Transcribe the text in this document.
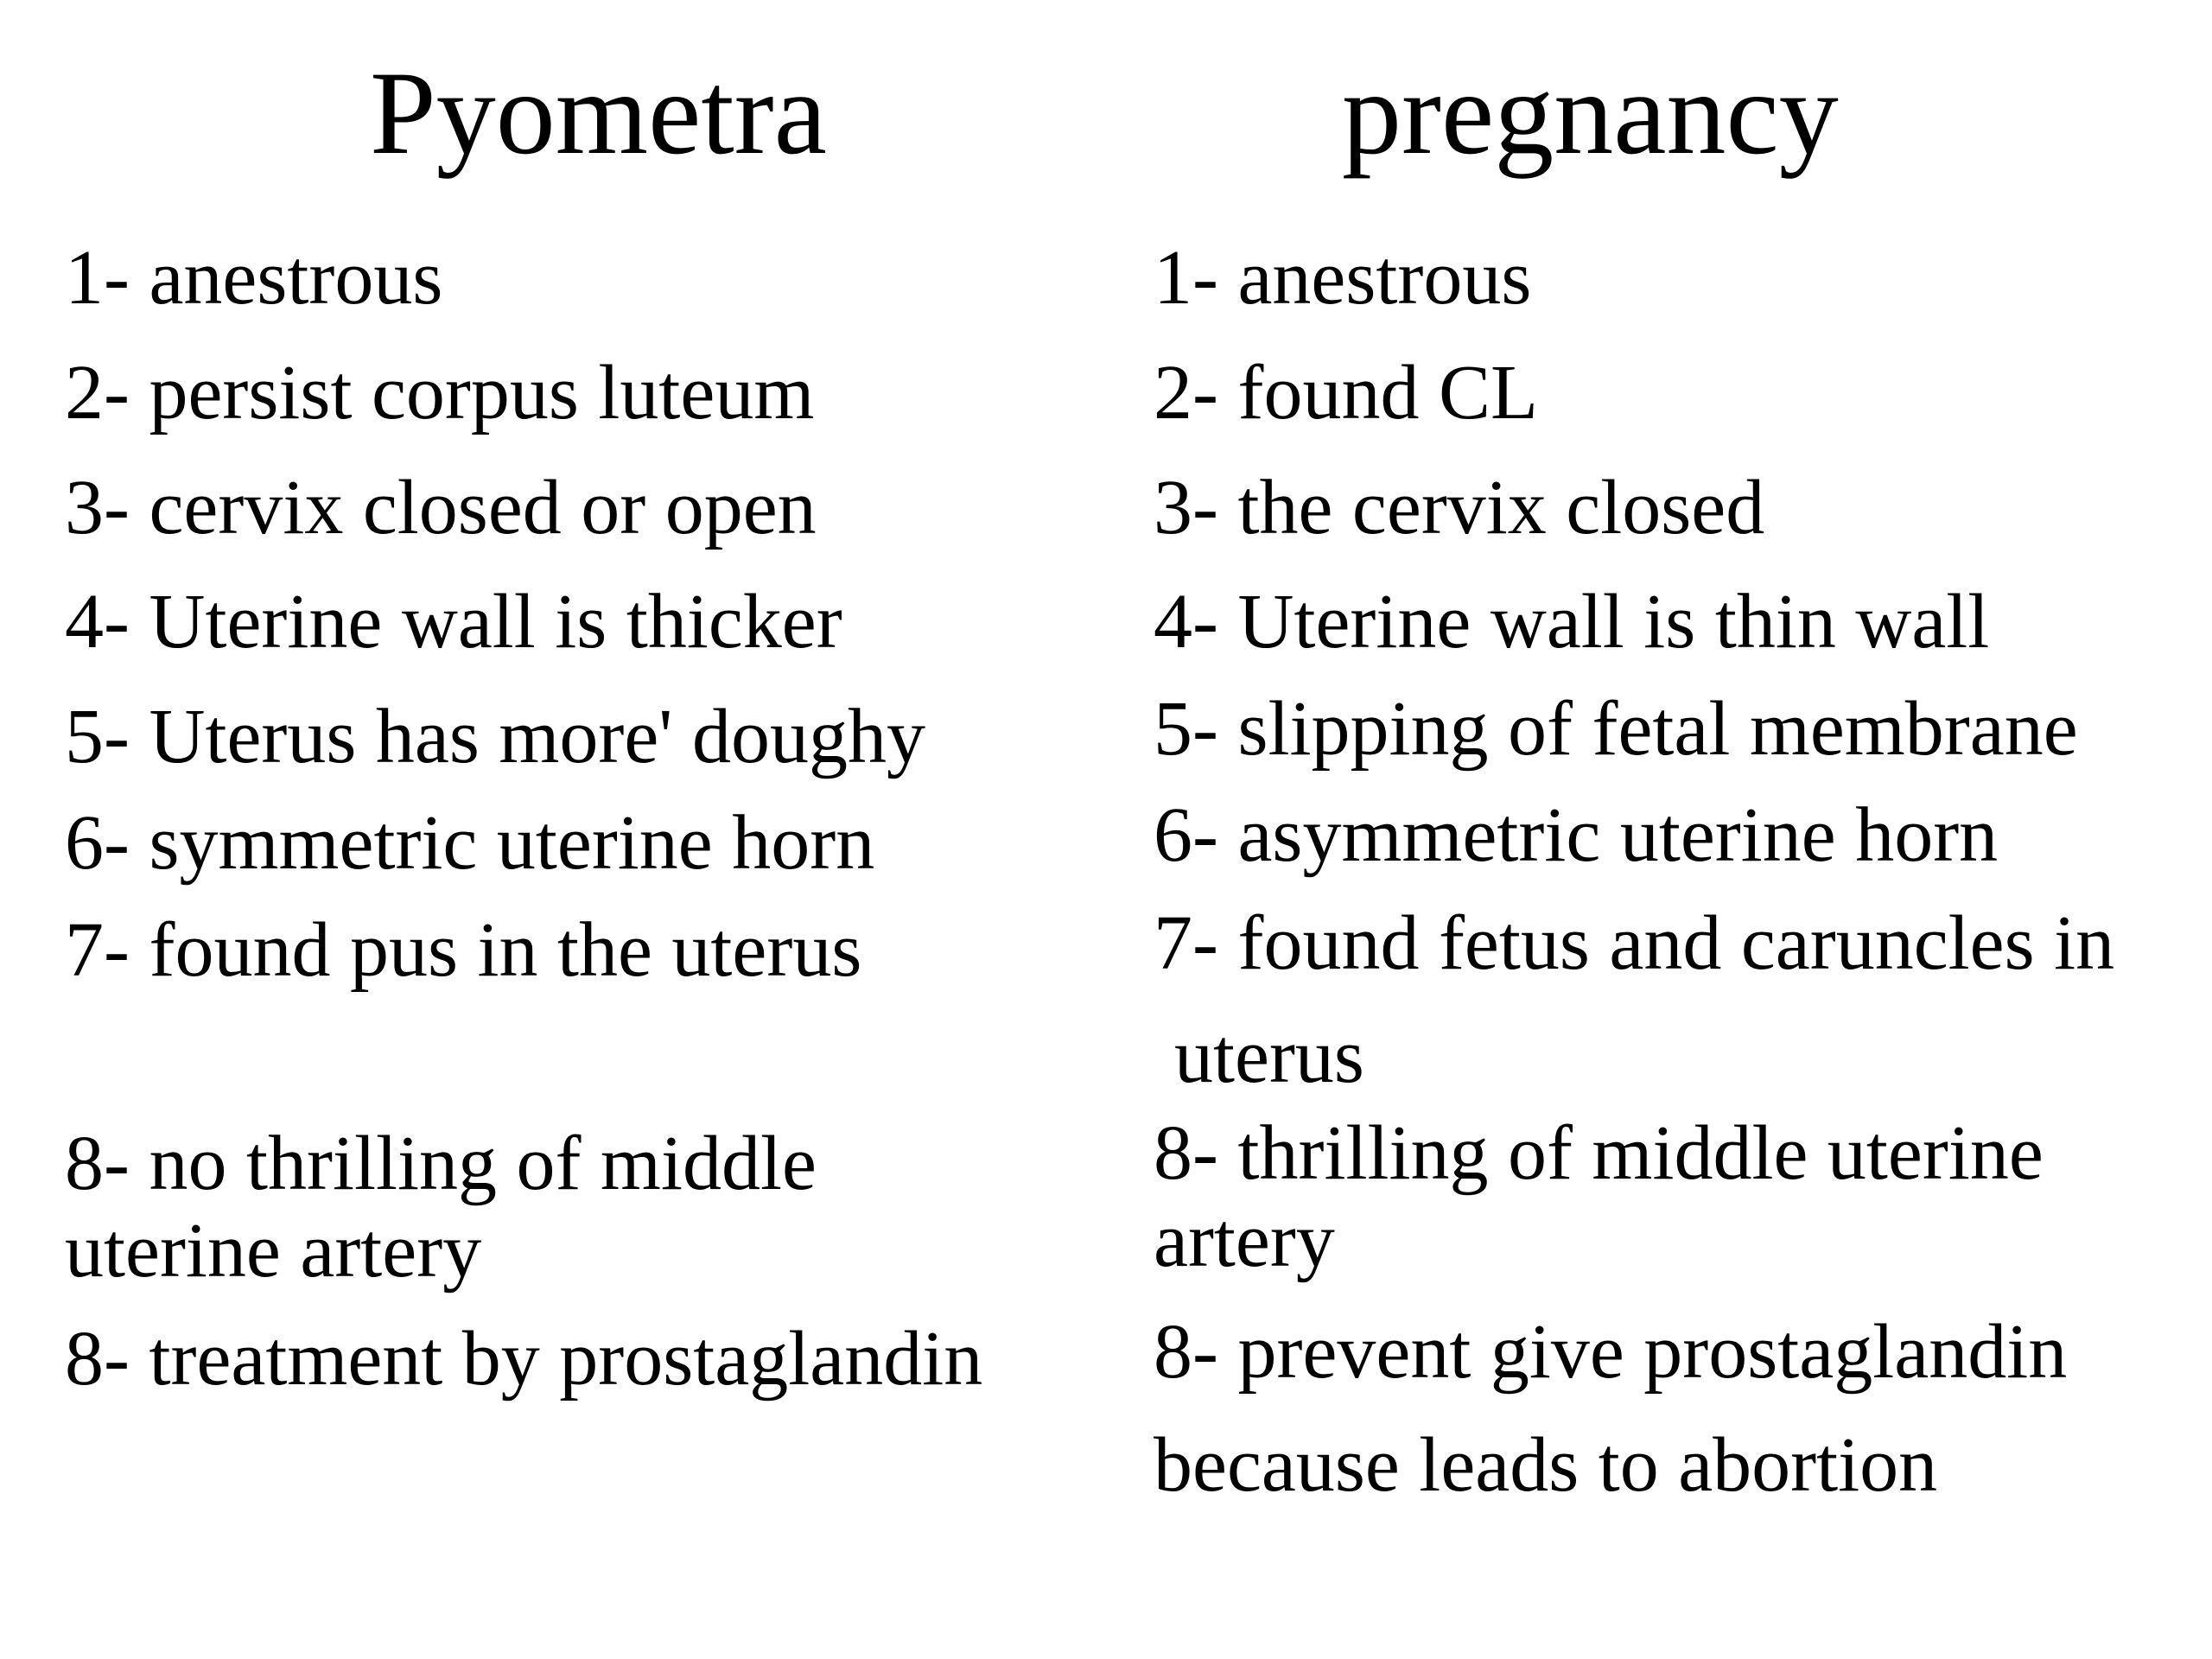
Pyometra	pregnancy
1- anestrous
2- persist corpus luteum
3- cervix closed or open
4- Uterine wall is thicker
5- Uterus has more' doughy
6- symmetric uterine horn
7- found pus in the uterus
8- no thrilling of middle
uterine artery
8- treatment by prostaglandin
1- anestrous
2- found CL
3- the cervix closed
4- Uterine wall is thin wall
5- slipping of fetal membrane
6- asymmetric uterine horn
7- found fetus and caruncles in
uterus
8- thrilling of middle uterine
artery
8- prevent give prostaglandin
because leads to abortion
